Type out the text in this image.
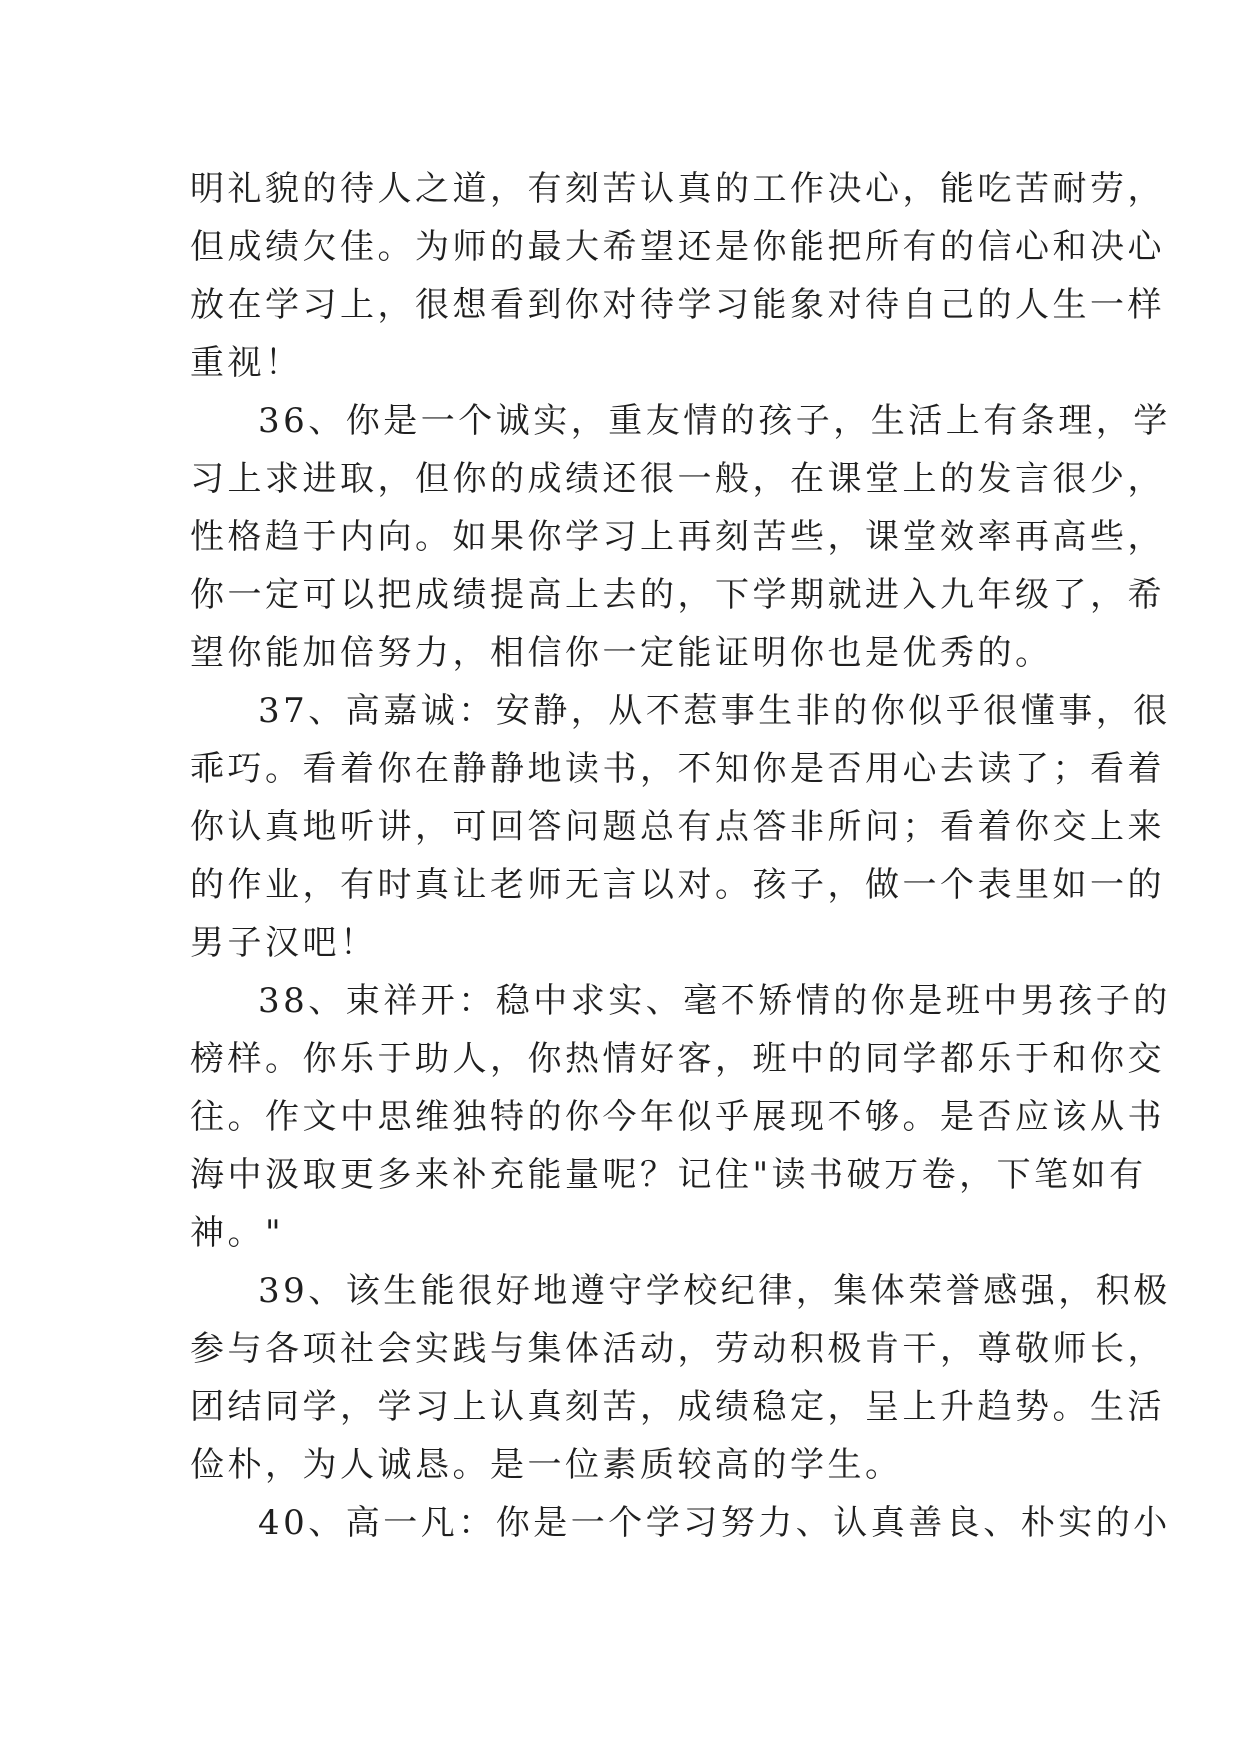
明礼貌的待人之道，有刻苦认真的工作决心，能吃苦耐劳，
但成绩欠佳。为师的最大希望还是你能把所有的信心和决心
放在学习上，很想看到你对待学习能象对待自己的人生一样
重视！
36、你是一个诚实，重友情的孩子，生活上有条理，学
习上求进取，但你的成绩还很一般，在课堂上的发言很少，
性格趋于内向。如果你学习上再刻苦些，课堂效率再高些，
你一定可以把成绩提高上去的，下学期就进入九年级了，希
望你能加倍努力，相信你一定能证明你也是优秀的。
37、高嘉诚：安静，从不惹事生非的你似乎很懂事，很
乖巧。看着你在静静地读书，不知你是否用心去读了；看着
你认真地听讲，可回答问题总有点答非所问；看着你交上来
的作业，有时真让老师无言以对。孩子，做一个表里如一的
男子汉吧！
38、束祥开：稳中求实、毫不矫情的你是班中男孩子的
榜样。你乐于助人，你热情好客，班中的同学都乐于和你交
往。作文中思维独特的你今年似乎展现不够。是否应该从书
海中汲取更多来补充能量呢？记住"读书破万卷，下笔如有
神。"
39、该生能很好地遵守学校纪律，集体荣誉感强，积极
参与各项社会实践与集体活动，劳动积极肯干，尊敬师长，
团结同学，学习上认真刻苦，成绩稳定，呈上升趋势。生活
俭朴，为人诚恳。是一位素质较高的学生。
40、高一凡：你是一个学习努力、认真善良、朴实的小
